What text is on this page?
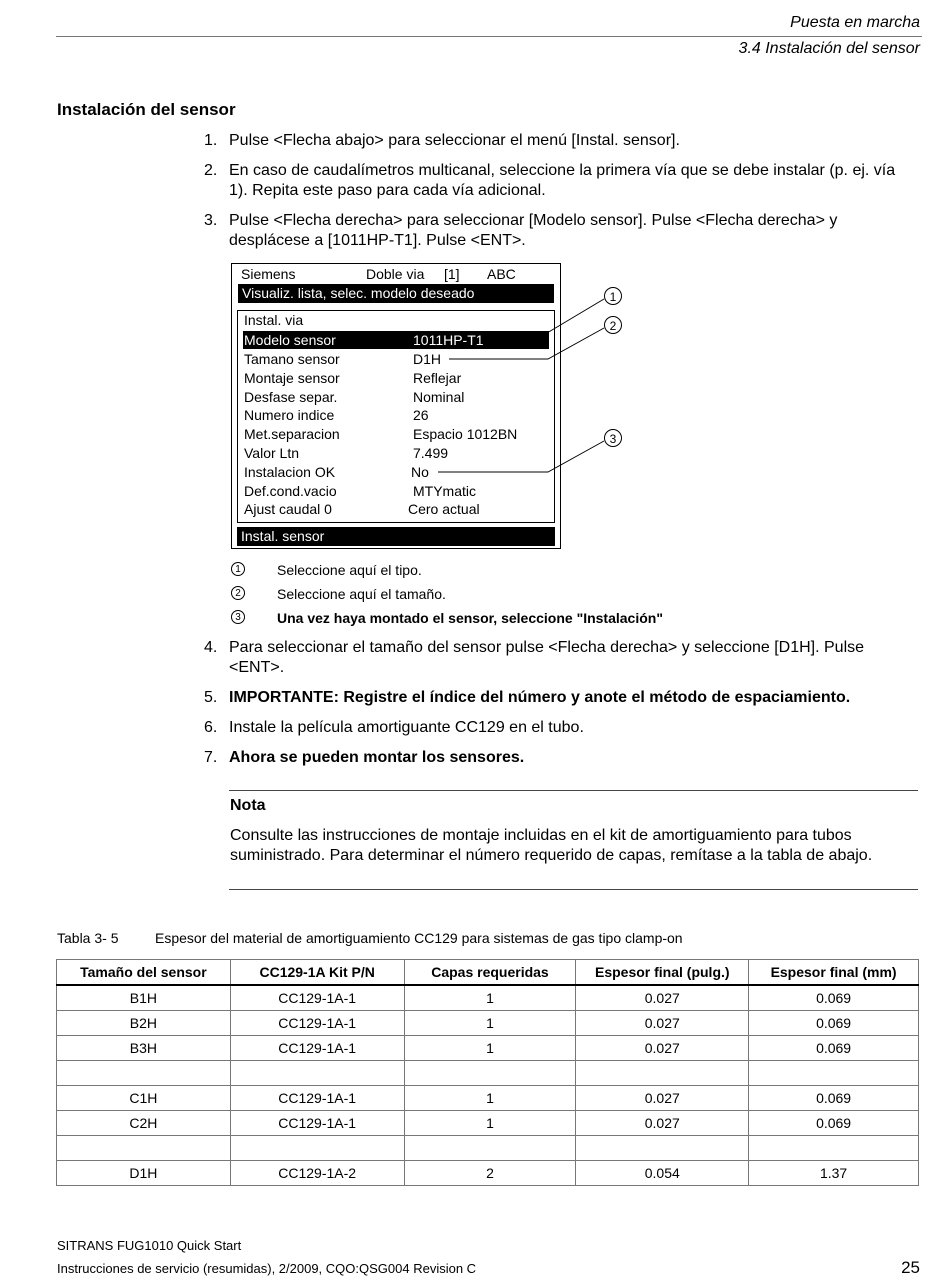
Puesta en marcha
3.4 Instalación del sensor
Instalación del sensor
1. Pulse <Flecha abajo> para seleccionar el menú [Instal. sensor].
2. En caso de caudalímetros multicanal, seleccione la primera vía que se debe instalar (p. ej. vía 1). Repita este paso para cada vía adicional.
3. Pulse <Flecha derecha> para seleccionar [Modelo sensor]. Pulse <Flecha derecha> y desplácese a [1011HP-T1]. Pulse <ENT>.
Siemens	Doble via [1] ABC
Visualiz. lista, selec. modelo deseado
Instal. via
Modelo sensor	1011HP-T1
Tamano sensor	D1H
Montaje sensor	Reflejar
Desfase separ.	Nominal
Numero indice	26
Met.separacion	Espacio 1012BN
Valor Ltn	7.499
Instalacion OK	No
Def.cond.vacio	MTYmatic
Ajust caudal 0	Cero actual
Instal. sensor
1
2
3
1	Seleccione aquí el tipo.
2	Seleccione aquí el tamaño.
3	Una vez haya montado el sensor, seleccione "Instalación"
4. Para seleccionar el tamaño del sensor pulse <Flecha derecha> y seleccione [D1H]. Pulse <ENT>.
5. IMPORTANTE: Registre el índice del número y anote el método de espaciamiento.
6. Instale la película amortiguante CC129 en el tubo.
7. Ahora se pueden montar los sensores.
Nota
Consulte las instrucciones de montaje incluidas en el kit de amortiguamiento para tubos suministrado. Para determinar el número requerido de capas, remítase a la tabla de abajo.
Tabla 3- 5	Espesor del material de amortiguamiento CC129 para sistemas de gas tipo clamp-on
Tamaño del sensor	CC129-1A Kit P/N	Capas requeridas	Espesor final (pulg.)	Espesor final (mm)
B1H	CC129-1A-1	1	0.027	0.069
B2H	CC129-1A-1	1	0.027	0.069
B3H	CC129-1A-1	1	0.027	0.069

C1H	CC129-1A-1	1	0.027	0.069
C2H	CC129-1A-1	1	0.027	0.069

D1H	CC129-1A-2	2	0.054	1.37
SITRANS FUG1010 Quick Start
Instrucciones de servicio (resumidas), 2/2009, CQO:QSG004 Revision C	25
